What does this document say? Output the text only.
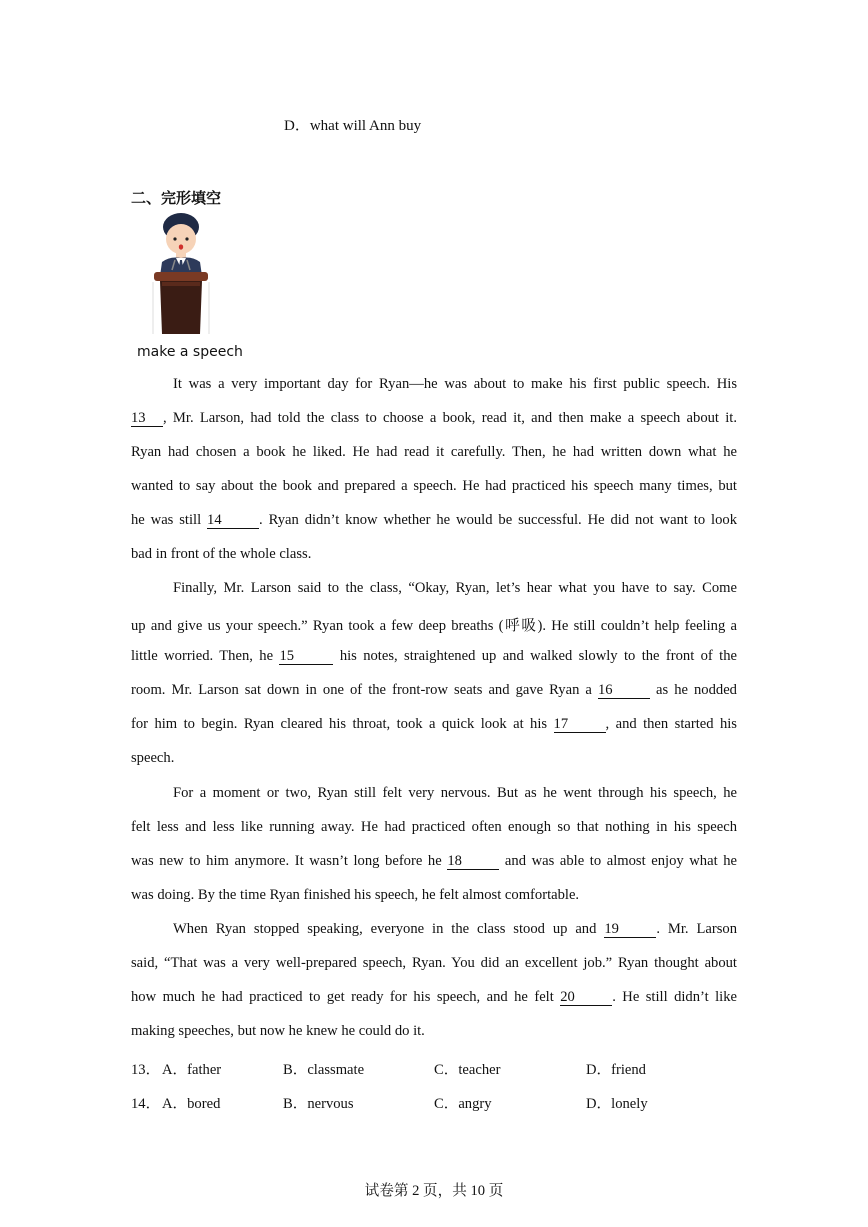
D．what will Ann buy
二、完形填空
make a speech
It was a very important day for Ryan—he was about to make his first public speech. His
13 , Mr. Larson, had told the class to choose a book, read it, and then make a speech about it.
Ryan had chosen a book he liked. He had read it carefully. Then, he had written down what he
wanted to say about the book and prepared a speech. He had practiced his speech many times, but
he was still 14	. Ryan didn’t know whether he would be successful. He did not want to look
bad in front of the whole class.
Finally, Mr. Larson said to the class, “Okay, Ryan, let’s hear what you have to say. Come
up and give us your speech.” Ryan took a few deep breaths (呼吸). He still couldn’t help feeling a
little worried. Then, he 15	his notes, straightened up and walked slowly to the front of the
room. Mr. Larson sat down in one of the front-row seats and gave Ryan a 16	as he nodded
for him to begin. Ryan cleared his throat, took a quick look at his 17	, and then started his
speech.
For a moment or two, Ryan still felt very nervous. But as he went through his speech, he
felt less and less like running away. He had practiced often enough so that nothing in his speech
was new to him anymore. It wasn’t long before he 18	and was able to almost enjoy what he
was doing. By the time Ryan finished his speech, he felt almost comfortable.
When Ryan stopped speaking, everyone in the class stood up and 19	. Mr. Larson
said, “That was a very well-prepared speech, Ryan. You did an excellent job.” Ryan thought about
how much he had practiced to get ready for his speech, and he felt 20	. He still didn’t like
making speeches, but now he knew he could do it.
13． A．father	B．classmate	C．teacher	D．friend
14． A．bored	B．nervous	C．angry	D．lonely
试卷第 2 页，共 10 页
